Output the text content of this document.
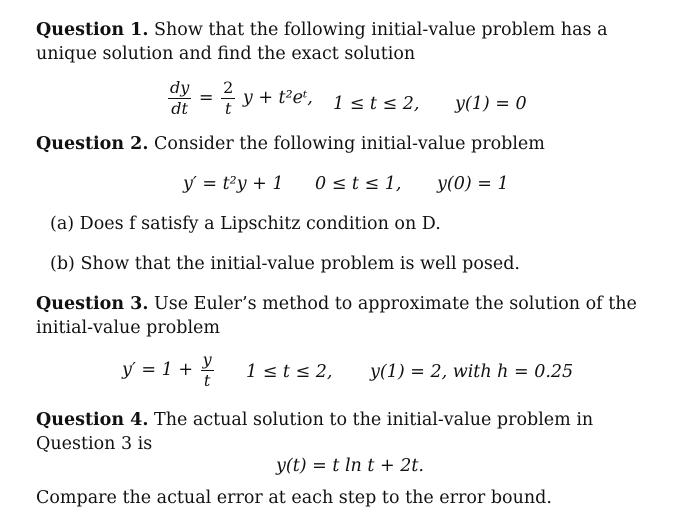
Question 1. Show that the following initial-value problem has a unique solution and find the exact solution
$\frac{dy}{dt} = \frac{2}{t}$ y + t²eᵗ, 1 ≤ t ≤ 2, y(1) = 0
Question 2. Consider the following initial-value problem
y′ = t²y + 1 0 ≤ t ≤ 1, y(0) = 1
(a) Does f satisfy a Lipschitz condition on D.
(b) Show that the initial-value problem is well posed.
Question 3. Use Euler’s method to approximate the solution of the initial-value problem
$y' = 1 + \frac{y}{t} 1 \le t \le 2$, y(1) = 2, with h = 0.25
Question 4. The actual solution to the initial-value problem in Question 3 is
y(t) = t ln t + 2t.
Compare the actual error at each step to the error bound.
